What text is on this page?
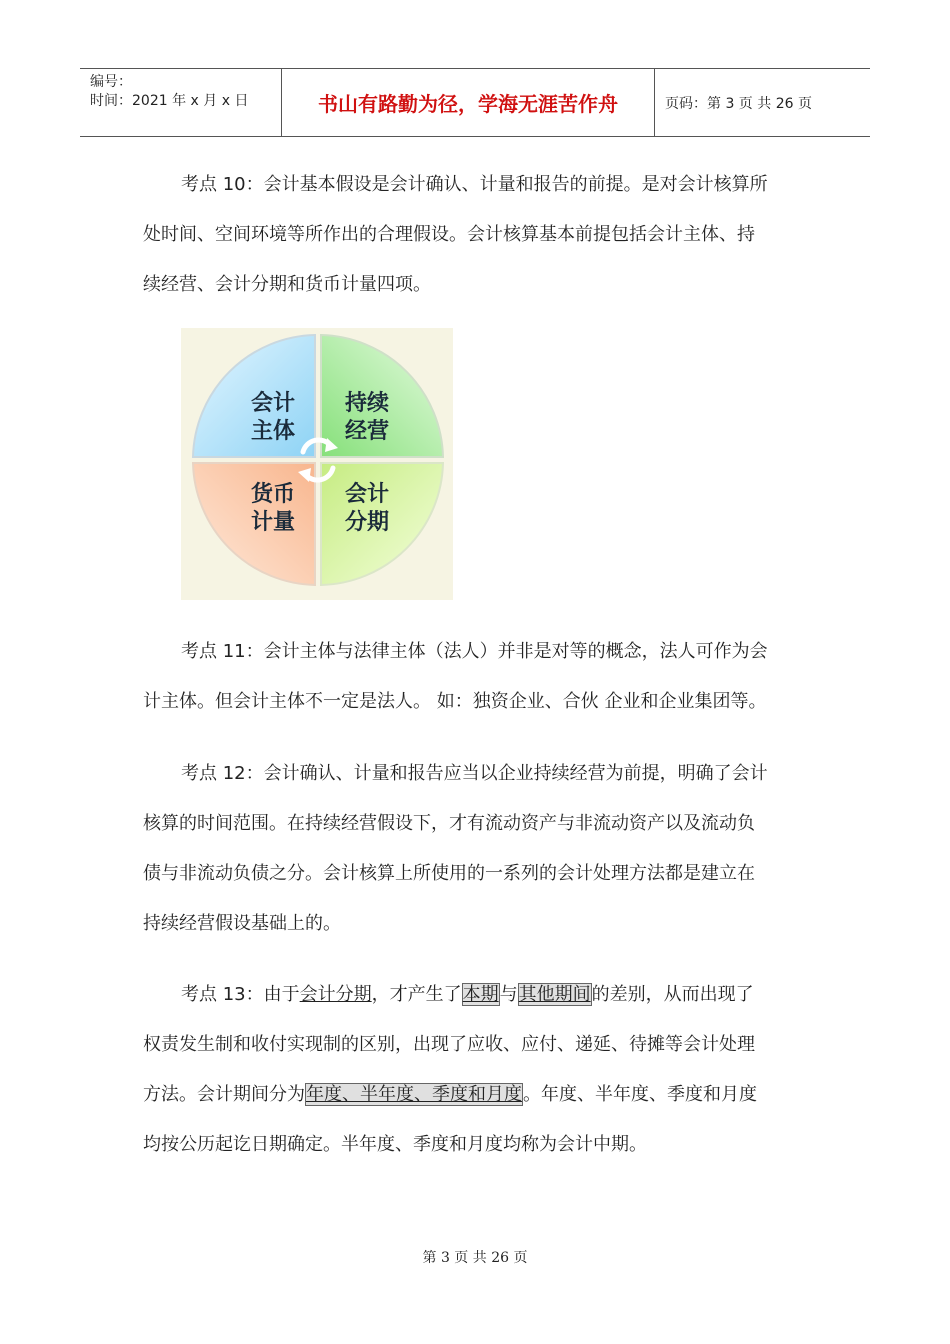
编号：
时间：2021 年 x 月 x 日	书山有路勤为径，学海无涯苦作舟	页码：第 3 页 共 26 页
考点 10：会计基本假设是会计确认、计量和报告的前提。是对会计核算所
处时间、空间环境等所作出的合理假设。会计核算基本前提包括会计主体、持
续经营、会计分期和货币计量四项。
会计
主体
持续
经营
货币
计量
会计
分期
考点 11：会计主体与法律主体（法人）并非是对等的概念，法人可作为会
计主体。但会计主体不一定是法人。 如：独资企业、合伙 企业和企业集团等。
考点 12：会计确认、计量和报告应当以企业持续经营为前提，明确了会计
核算的时间范围。在持续经营假设下，才有流动资产与非流动资产以及流动负
债与非流动负债之分。会计核算上所使用的一系列的会计处理方法都是建立在
持续经营假设基础上的。
考点 13：由于会计分期，才产生了本期与其他期间的差别，从而出现了
权责发生制和收付实现制的区别，出现了应收、应付、递延、待摊等会计处理
方法。会计期间分为年度、半年度、季度和月度。年度、半年度、季度和月度
均按公历起讫日期确定。半年度、季度和月度均称为会计中期。
第 3 页 共 26 页
